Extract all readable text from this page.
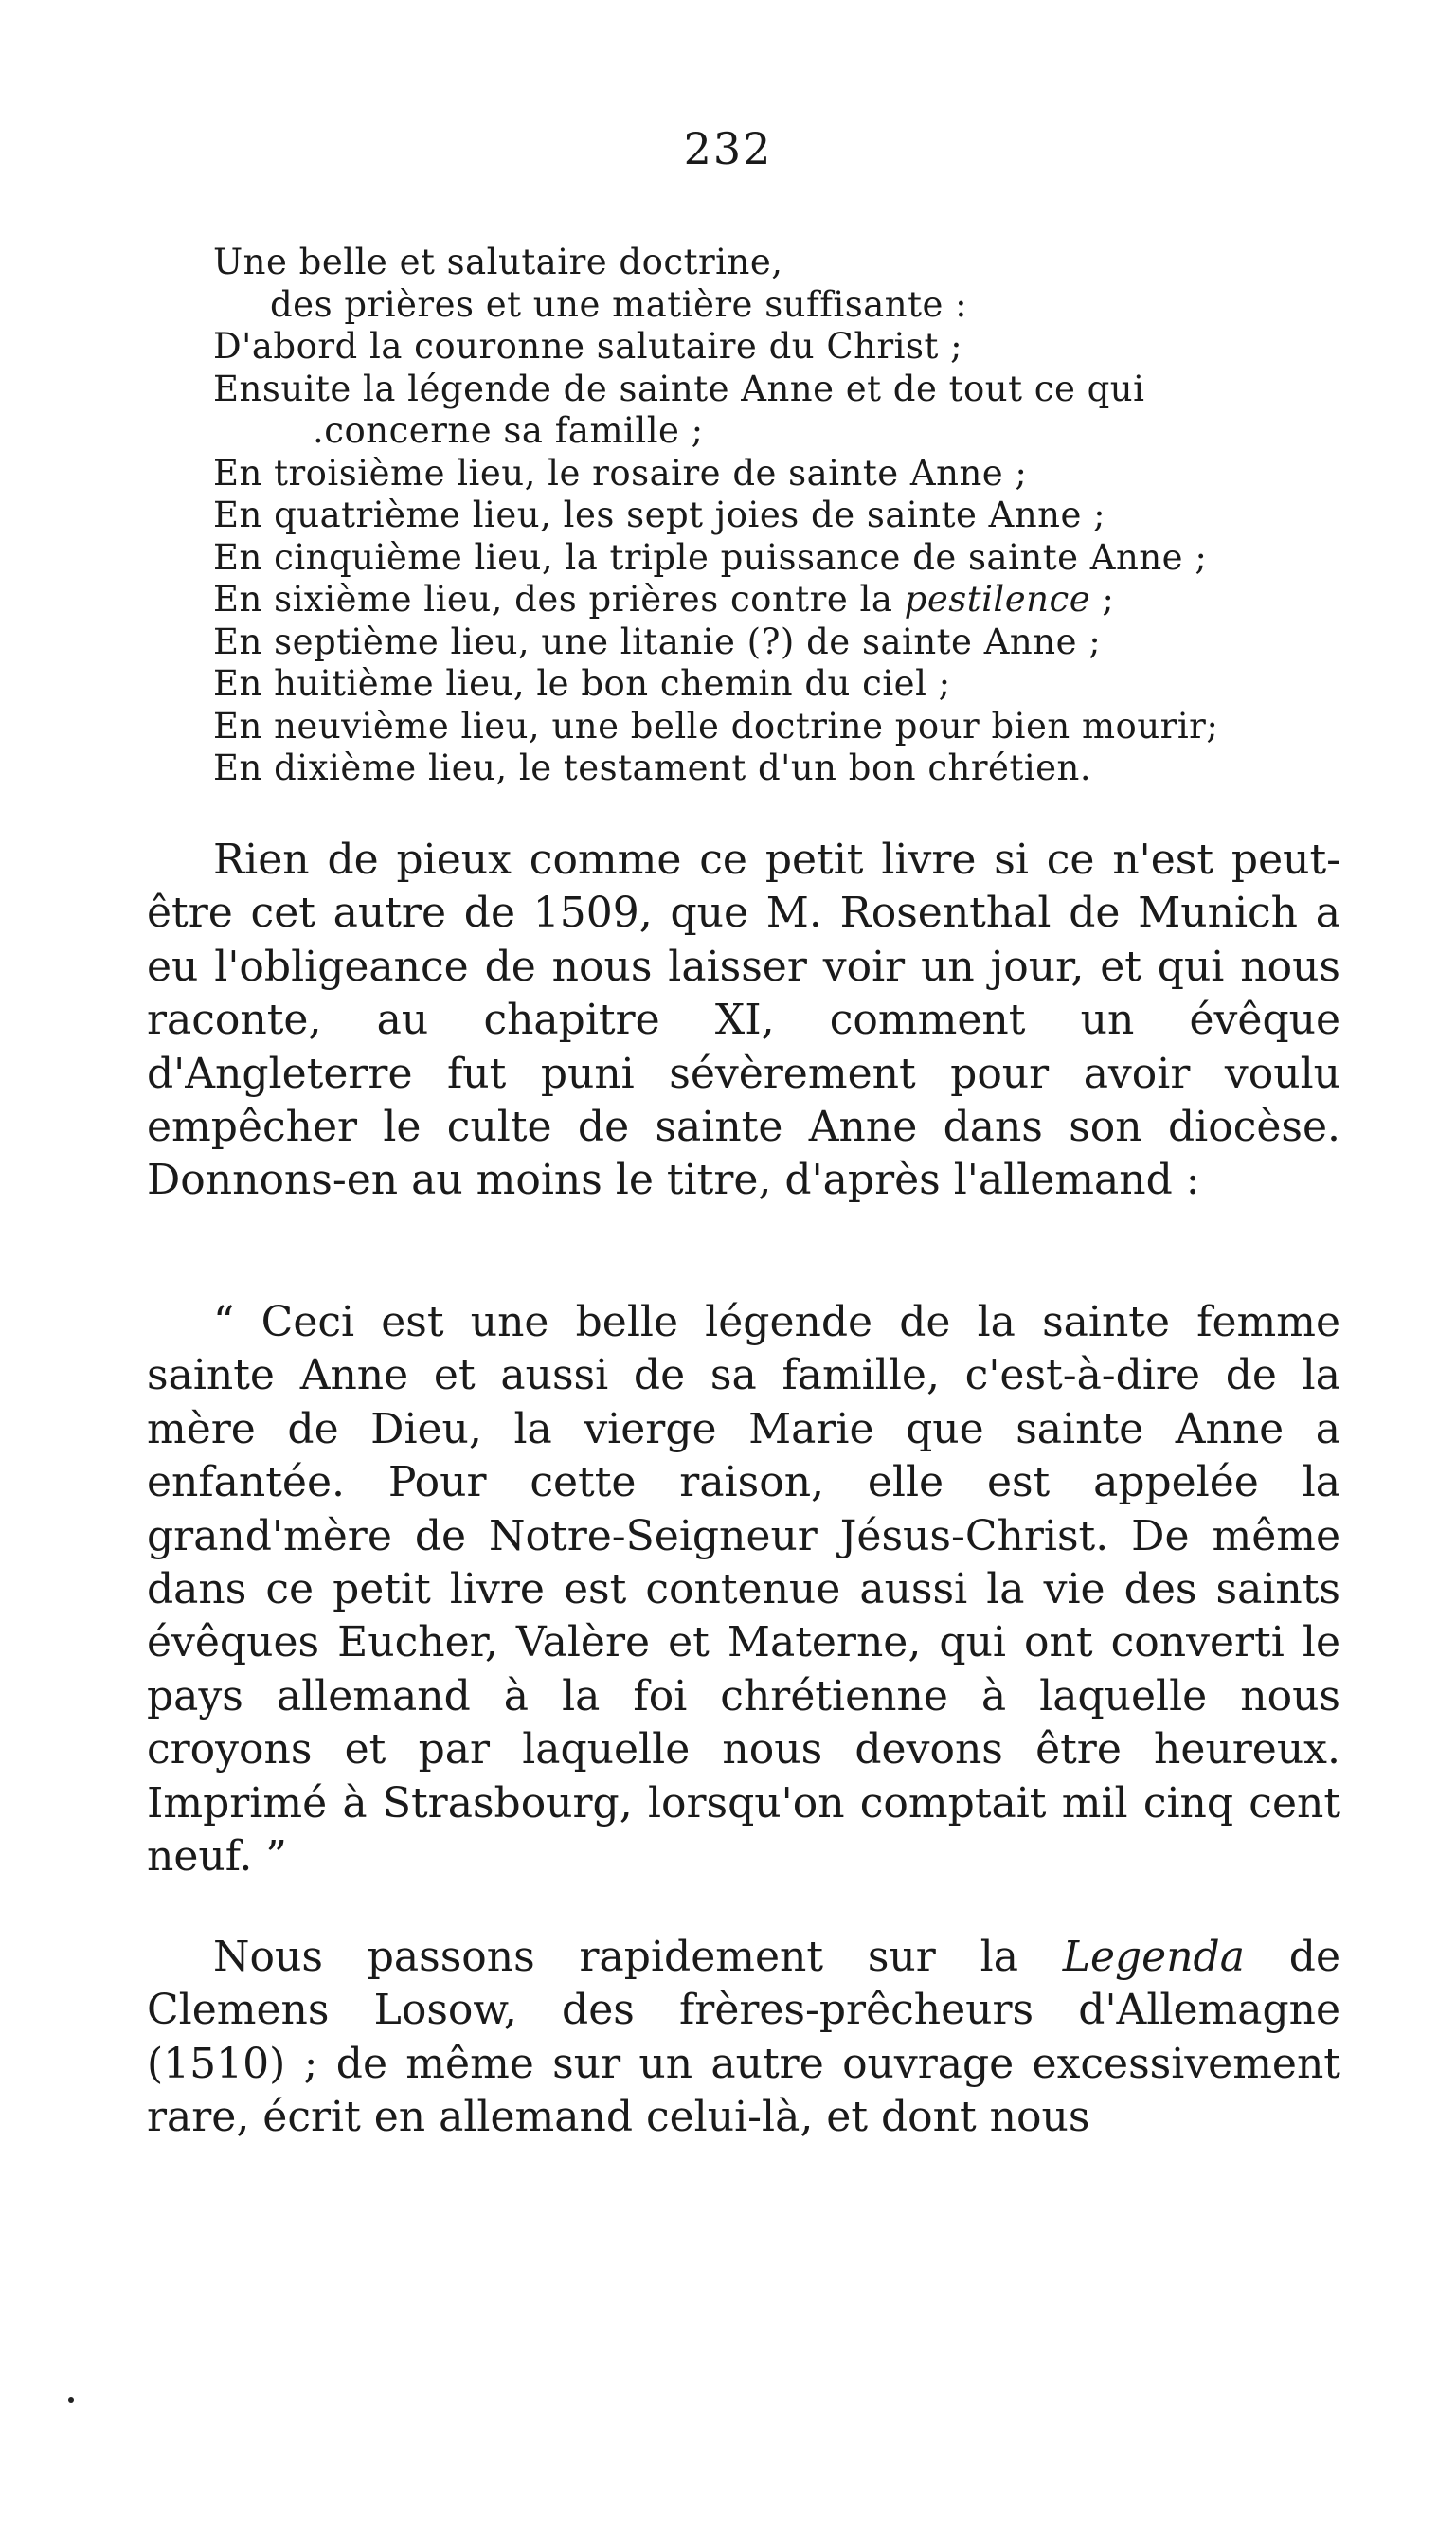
232
Une belle et salutaire doctrine,
des prières et une matière suffisante :
D'abord la couronne salutaire du Christ ;
Ensuite la légende de sainte Anne et de tout ce qui
.concerne sa famille ;
En troisième lieu, le rosaire de sainte Anne ;
En quatrième lieu, les sept joies de sainte Anne ;
En cinquième lieu, la triple puissance de sainte Anne ;
En sixième lieu, des prières contre la pestilence ;
En septième lieu, une litanie (?) de sainte Anne ;
En huitième lieu, le bon chemin du ciel ;
En neuvième lieu, une belle doctrine pour bien mourir;
En dixième lieu, le testament d'un bon chrétien.

Rien de pieux comme ce petit livre si ce n'est peut-être cet autre de 1509, que M. Rosenthal de Munich a eu l'obligeance de nous laisser voir un jour, et qui nous raconte, au chapitre XI, comment un évêque d'Angleterre fut puni sévèrement pour avoir voulu empêcher le culte de sainte Anne dans son diocèse. Donnons-en au moins le titre, d'après l'allemand :

“ Ceci est une belle légende de la sainte femme sainte Anne et aussi de sa famille, c'est-à-dire de la mère de Dieu, la vierge Marie que sainte Anne a enfantée. Pour cette raison, elle est appelée la grand'mère de Notre-Seigneur Jésus-Christ. De même dans ce petit livre est contenue aussi la vie des saints évêques Eucher, Valère et Materne, qui ont converti le pays allemand à la foi chrétienne à laquelle nous croyons et par laquelle nous devons être heureux. Imprimé à Strasbourg, lorsqu'on comptait mil cinq cent neuf. ”

Nous passons rapidement sur la Legenda de Clemens Losow, des frères-prêcheurs d'Allemagne (1510) ; de même sur un autre ouvrage excessivement rare, écrit en allemand celui-là, et dont nous
